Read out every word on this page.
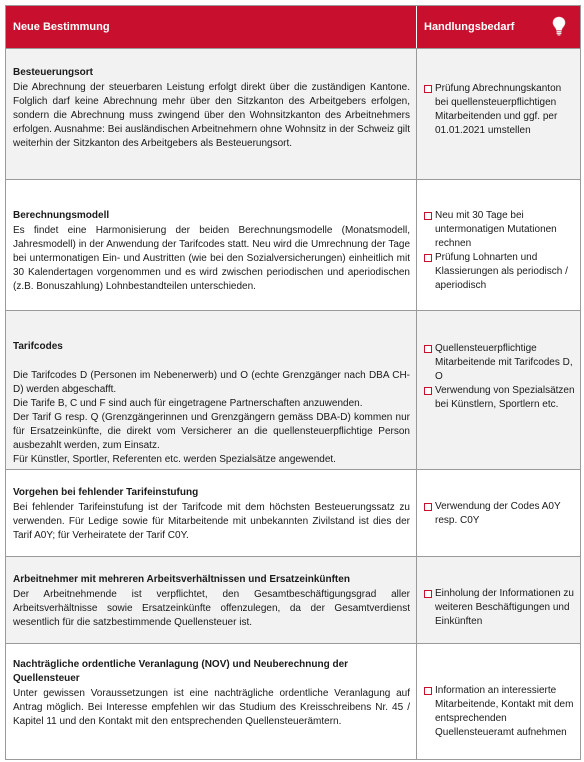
Neue Bestimmung	Handlungsbedarf
Besteuerungsort
Die Abrechnung der steuerbaren Leistung erfolgt direkt über die zuständigen Kantone. Folglich darf keine Abrechnung mehr über den Sitzkanton des Arbeitgebers erfolgen, sondern die Abrechnung muss zwingend über den Wohnsitzkanton des Arbeitnehmers erfolgen. Ausnahme: Bei ausländischen Arbeitnehmern ohne Wohnsitz in der Schweiz gilt weiterhin der Sitzkanton des Arbeitgebers als Besteuerungsort.
Prüfung Abrechnungskanton bei quellensteuerpflichtigen Mitarbeitenden und ggf. per 01.01.2021 umstellen
Berechnungsmodell
Es findet eine Harmonisierung der beiden Berechnungsmodelle (Monatsmodell, Jahresmodell) in der Anwendung der Tarifcodes statt. Neu wird die Umrechnung der Tage bei untermonatigen Ein- und Austritten (wie bei den Sozialversicherungen) einheitlich mit 30 Kalendertagen vorgenommen und es wird zwischen periodischen und aperiodischen (z.B. Bonuszahlung) Lohnbestandteilen unterschieden.
Neu mit 30 Tage bei untermonatigen Mutationen rechnen
Prüfung Lohnarten und Klassierungen als periodisch / aperiodisch

Tarifcodes

Die Tarifcodes D (Personen im Nebenerwerb) und O (echte Grenzgänger nach DBA CH-D) werden abgeschafft.
Die Tarife B, C und F sind auch für eingetragene Partnerschaften anzuwenden.
Der Tarif G resp. Q (Grenzgängerinnen und Grenzgängern gemäss DBA-D) kommen nur für Ersatzeinkünfte, die direkt vom Versicherer an die quellensteuerpflichtige Person ausbezahlt werden, zum Einsatz.
Für Künstler, Sportler, Referenten etc. werden Spezialsätze angewendet.

Quellensteuerpflichtige Mitarbeitende mit Tarifcodes D, O
Verwendung von Spezialsätzen bei Künstlern, Sportlern etc.
Vorgehen bei fehlender Tarifeinstufung
Bei fehlender Tarifeinstufung ist der Tarifcode mit dem höchsten Besteuerungssatz zu verwenden. Für Ledige sowie für Mitarbeitende mit unbekannten Zivilstand ist dies der Tarif A0Y; für Verheiratete der Tarif C0Y.
Verwendung der Codes A0Y resp. C0Y
Arbeitnehmer mit mehreren Arbeitsverhältnissen und Ersatzeinkünften
Der Arbeitnehmende ist verpflichtet, den Gesamtbeschäftigungsgrad aller Arbeitsverhältnisse sowie Ersatzeinkünfte offenzulegen, da der Gesamtverdienst wesentlich für die satzbestimmende Quellensteuer ist.
Einholung der Informationen zu weiteren Beschäftigungen und Einkünften
Nachträgliche ordentliche Veranlagung (NOV) und Neuberechnung der Quellensteuer
Unter gewissen Voraussetzungen ist eine nachträgliche ordentliche Veranlagung auf Antrag möglich. Bei Interesse empfehlen wir das Studium des Kreisschreibens Nr. 45 / Kapitel 11 und den Kontakt mit den entsprechenden Quellensteuerämtern.
Information an interessierte Mitarbeitende, Kontakt mit dem entsprechenden Quellensteueramt aufnehmen
